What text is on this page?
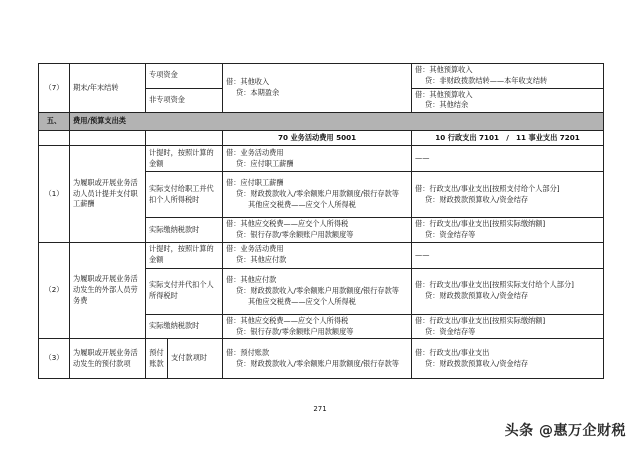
（7）	期末/年末结转	专项资金		借：其他收入
贷：本期盈余	借：其他预算收入
贷：非财政拨款结转——本年收支结转

		非专项资金			借：其他预算收入
贷：其他结余

五、	费用/预算支出类				
				70 业务活动费用 5001	10 行政支出 7101　/　11 事业支出 7201
（1）	为履职或开展业务活动人员计提并支付职工薪酬	计提时，按照计算的金额		借：业务活动费用
贷：应付职工薪酬	——
		实际支付给职工并代扣个人所得税时		借：应付职工薪酬
贷：财政拨款收入/零余额账户用款额度/银行存款等
其他应交税费——应交个人所得税	借：行政支出/事业支出[按照支付给个人部分]
贷：财政拨款预算收入/资金结存

		实际缴纳税款时		借：其他应交税费——应交个人所得税
贷：银行存款/零余额账户用款额度等	借：行政支出/事业支出[按照实际缴纳额]
贷：资金结存等

（2）	为履职或开展业务活动发生的外部人员劳务费	计提时，按照计算的金额		借：业务活动费用
贷：其他应付款	——
		实际支付并代扣个人所得税时		借：其他应付款
贷：财政拨款收入/零余额账户用款额度/银行存款等
其他应交税费——应交个人所得税	借：行政支出/事业支出[按照实际支付给个人部分]
贷：财政拨款预算收入/资金结存

		实际缴纳税款时		借：其他应交税费——应交个人所得税
贷：银行存款/零余额账户用款额度等	借：行政支出/事业支出[按照实际缴纳额]
贷：资金结存等

（3）	为履职或开展业务活动发生的预付款项	预付账款	支付款项时	借：预付账款
贷：财政拨款收入/零余额账户用款额度/银行存款等	借：行政支出/事业支出
贷：财政拨款预算收入/资金结存
271
头条 @惠万企财税
